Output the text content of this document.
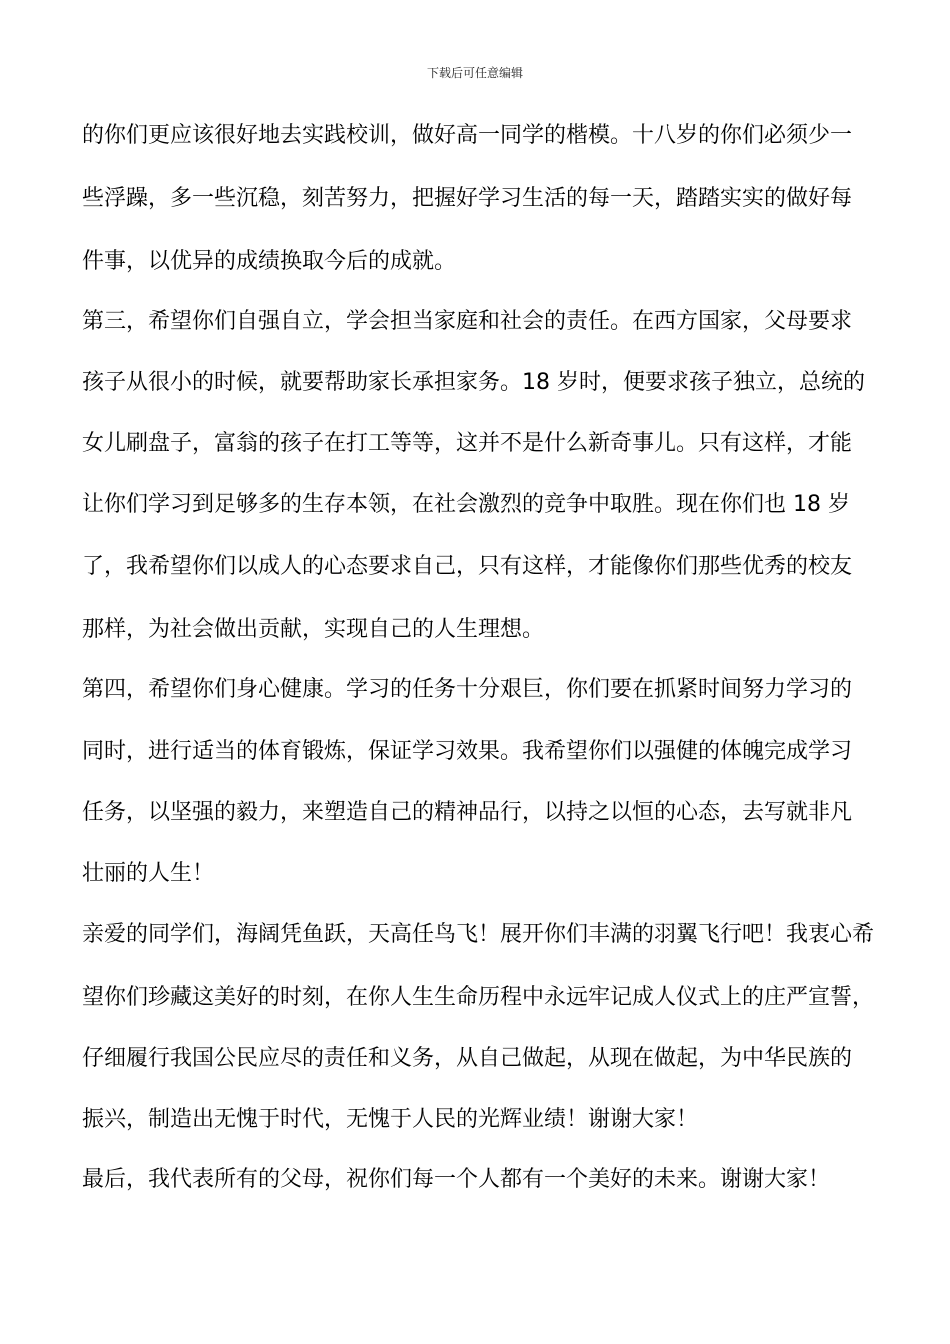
下载后可任意编辑
的你们更应该很好地去实践校训，做好高一同学的楷模。十八岁的你们必须少一
些浮躁，多一些沉稳，刻苦努力，把握好学习生活的每一天，踏踏实实的做好每
件事，以优异的成绩换取今后的成就。
第三，希望你们自强自立，学会担当家庭和社会的责任。在西方国家，父母要求
孩子从很小的时候，就要帮助家长承担家务。18 岁时，便要求孩子独立，总统的
女儿刷盘子，富翁的孩子在打工等等，这并不是什么新奇事儿。只有这样，才能
让你们学习到足够多的生存本领，在社会激烈的竞争中取胜。现在你们也 18 岁
了，我希望你们以成人的心态要求自己，只有这样，才能像你们那些优秀的校友
那样，为社会做出贡献，实现自己的人生理想。
第四，希望你们身心健康。学习的任务十分艰巨，你们要在抓紧时间努力学习的
同时，进行适当的体育锻炼，保证学习效果。我希望你们以强健的体魄完成学习
任务，以坚强的毅力，来塑造自己的精神品行，以持之以恒的心态，去写就非凡
壮丽的人生！
亲爱的同学们，海阔凭鱼跃，天高任鸟飞！展开你们丰满的羽翼飞行吧！我衷心希
望你们珍藏这美好的时刻，在你人生生命历程中永远牢记成人仪式上的庄严宣誓，
仔细履行我国公民应尽的责任和义务，从自己做起，从现在做起，为中华民族的
振兴，制造出无愧于时代，无愧于人民的光辉业绩！谢谢大家！
最后，我代表所有的父母，祝你们每一个人都有一个美好的未来。谢谢大家！
